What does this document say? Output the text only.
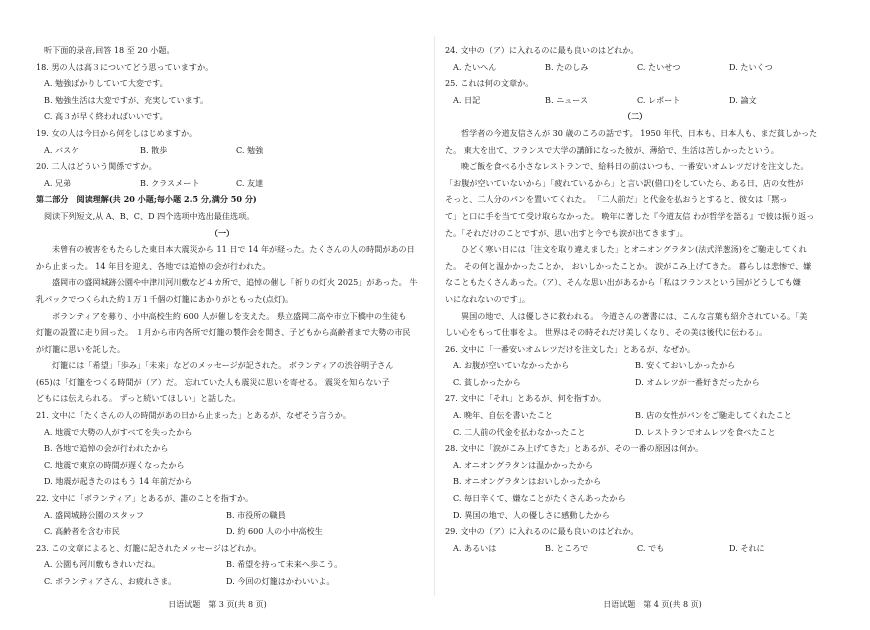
听下面的录音,回答 18 至 20 小题。
18. 男の人は高３についてどう思っていますか。
A. 勉強ばかりしていて大変です。
B. 勉強生活は大変ですが、充実しています。
C. 高３が早く終わればいいです。
19. 女の人は今日から何をしはじめますか。
A. バスケ	B. 散歩	C. 勉強
20. 二人はどういう関係ですか。
A. 兄弟	B. クラスメート	C. 友達
第二部分　阅读理解(共 20 小题;每小题 2.5 分,满分 50 分)
阅读下列短文,从 A、B、C、D 四个选项中选出最佳选项。
（一）
未曾有の被害をもたらした東日本大震災から 11 日で 14 年が経った。たくさんの人の時間があの日
から止まった。 14 年目を迎え、各地では追悼の会が行われた。
盛岡市の盛岡城跡公園や中津川河川敷など４カ所で、追悼の催し「祈りの灯火 2025」があった。 牛
乳パックでつくられた約１万１千個の灯籠にあかりがともった(点灯)。
ボランティアを募り、小中高校生約 600 人が催しを支えた。 県立盛岡二高や市立下橋中の生徒も
灯籠の設置に走り回った。 １月から市内各所で灯籠の製作会を開き、子どもから高齢者まで大勢の市民
が灯籠に思いを託した。
灯籠には「希望」「歩み」「未来」などのメッセージが記された。 ボランティアの渋谷明子さん
(65)は「灯籠をつくる時間が（ア）だ。 忘れていた人も震災に思いを寄せる。 震災を知らない子
どもには伝えられる。 ずっと続いてほしい」と話した。
21. 文中に「たくさんの人の時間があの日から止まった」とあるが、なぜそう言うか。
A. 地震で大勢の人がすべてを失ったから
B. 各地で追悼の会が行われたから
C. 地震で東京の時間が遅くなったから
D. 地震が起きたのはもう 14 年前だから
22. 文中に「ボランティア」とあるが、誰のことを指すか。
A. 盛岡城跡公園のスタッフ	B. 市役所の職員
C. 高齢者を含む市民	D. 約 600 人の小中高校生
23. この文章によると、灯籠に記されたメッセージはどれか。
A. 公園も河川敷もきれいだね。	B. 希望を持って未来へ歩こう。
C. ボランティアさん、お疲れさま。	D. 今回の灯籠はかわいいよ。
日语试题　第 3 页(共 8 页)
24. 文中の（ア）に入れるのに最も良いのはどれか。
A. たいへん	B. たのしみ	C. たいせつ	D. たいくつ
25. これは何の文章か。
A. 日記	B. ニュース	C. レポート	D. 論文
（二）
哲学者の今道友信さんが 30 歳のころの話です。 1950 年代、日本も、日本人も、まだ貧しかった
た。 東大を出て、フランスで大学の講師になった彼が、薄給で、生活は苦しかったという。
晩ご飯を食べる小さなレストランで、給料日の前はいつも、一番安いオムレツだけを注文した。
「お腹が空いていないから」「疲れているから」と言い訳(借口)をしていたら、ある日、店の女性が
そっと、二人分のパンを置いてくれた。 「二人前だ」と代金を払おうとすると、彼女は「黙っ
て」と口に手を当てて受け取らなかった。 晩年に著した『今道友信 わが哲学を語る』で彼は振り返っ
た。「それだけのことですが、思い出すと今でも涙が出てきます」。
ひどく寒い日には「注文を取り違えました」とオニオングラタン(法式洋葱汤)をご馳走してくれ
た。 その何と温かかったことか、 おいしかったことか。 涙がこみ上げてきた。 暮らしは悲惨で、嫌
なこともたくさんあった。（ア）、そんな思い出があるから「私はフランスという国がどうしても嫌
いになれないのです」。
異国の地で、人は優しさに救われる。 今道さんの著書には、こんな言葉も紹介されている。「美
しい心をもって仕事をよ。 世界はその時それだけ美しくなり、その美は後代に伝わる」。
26. 文中に「一番安いオムレツだけを注文した」とあるが、なぜか。
A. お腹が空いていなかったから	B. 安くておいしかったから
C. 貧しかったから	D. オムレツが一番好きだったから
27. 文中に「それ」とあるが、何を指すか。
A. 晩年、自伝を書いたこと	B. 店の女性がパンをご馳走してくれたこと
C. 二人前の代金を払わなかったこと	D. レストランでオムレツを食べたこと
28. 文中に「涙がこみ上げてきた」とあるが、その一番の原因は何か。
A. オニオングラタンは温かかったから
B. オニオングラタンはおいしかったから
C. 毎日辛くて、嫌なことがたくさんあったから
D. 異国の地で、人の優しさに感動したから
29. 文中の（ア）に入れるのに最も良いのはどれか。
A. あるいは	B. ところで	C. でも	D. それに
日语试题　第 4 页(共 8 页)
